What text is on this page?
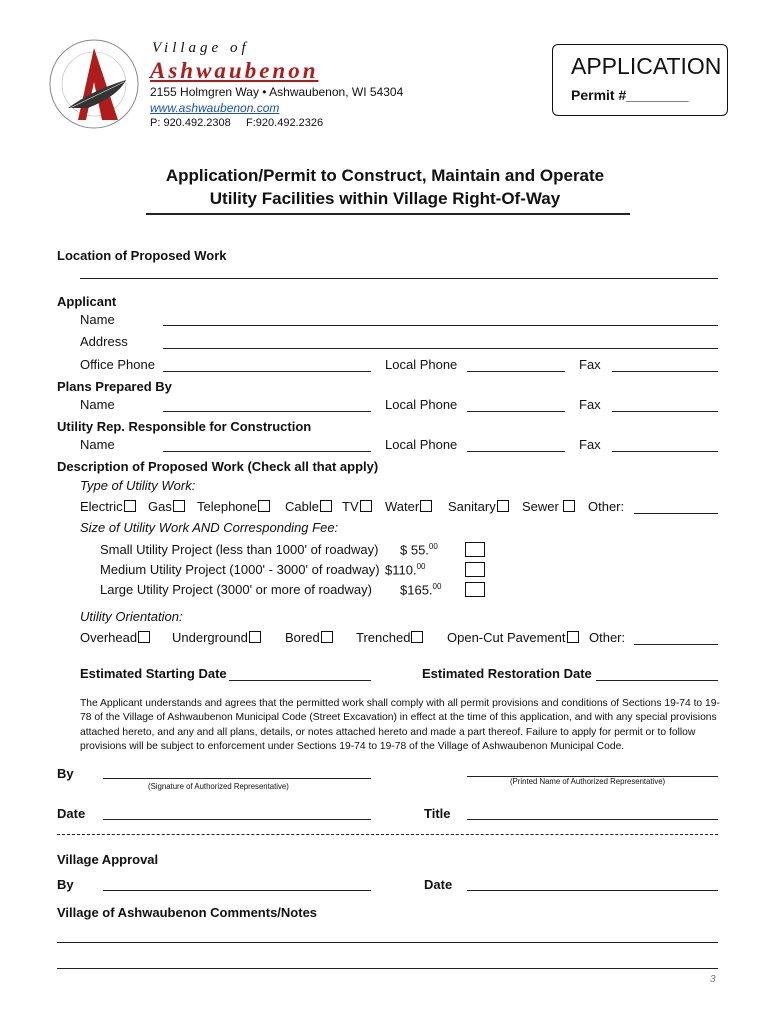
Village of
Ashwaubenon
2155 Holmgren Way • Ashwaubenon, WI 54304
www.ashwaubenon.com
P: 920.492.2308     F:920.492.2326
APPLICATION
Permit #________
Application/Permit to Construct, Maintain and Operate
Utility Facilities within Village Right-Of-Way
Location of Proposed Work
Applicant
Name
Address
Office Phone	Local Phone	Fax
Plans Prepared By
Name	Local Phone	Fax
Utility Rep. Responsible for Construction
Name	Local Phone	Fax
Description of Proposed Work (Check all that apply)
Type of Utility Work:
Electric	Gas	Telephone	Cable	TV	Water	Sanitary	Sewer	Other:
Size of Utility Work AND Corresponding Fee:
Small Utility Project (less than 1000' of roadway) $ 55.00
Medium Utility Project (1000' - 3000' of roadway) $110.00
Large Utility Project (3000' or more of roadway) $165.00
Utility Orientation:
Overhead	Underground	Bored	Trenched	Open-Cut Pavement	Other:
Estimated Starting Date	Estimated Restoration Date
The Applicant understands and agrees that the permitted work shall comply with all permit provisions and conditions of Sections 19-74 to 19-78 of the Village of Ashwaubenon Municipal Code (Street Excavation) in effect at the time of this application, and with any special provisions attached hereto, and any and all plans, details, or notes attached hereto and made a part thereof. Failure to apply for permit or to follow provisions will be subject to enforcement under Sections 19-74 to 19-78 of the Village of Ashwaubenon Municipal Code.
By
(Signature of Authorized Representative)
(Printed Name of Authorized Representative)
Date	Title
Village Approval
By	Date
Village of Ashwaubenon Comments/Notes
3
